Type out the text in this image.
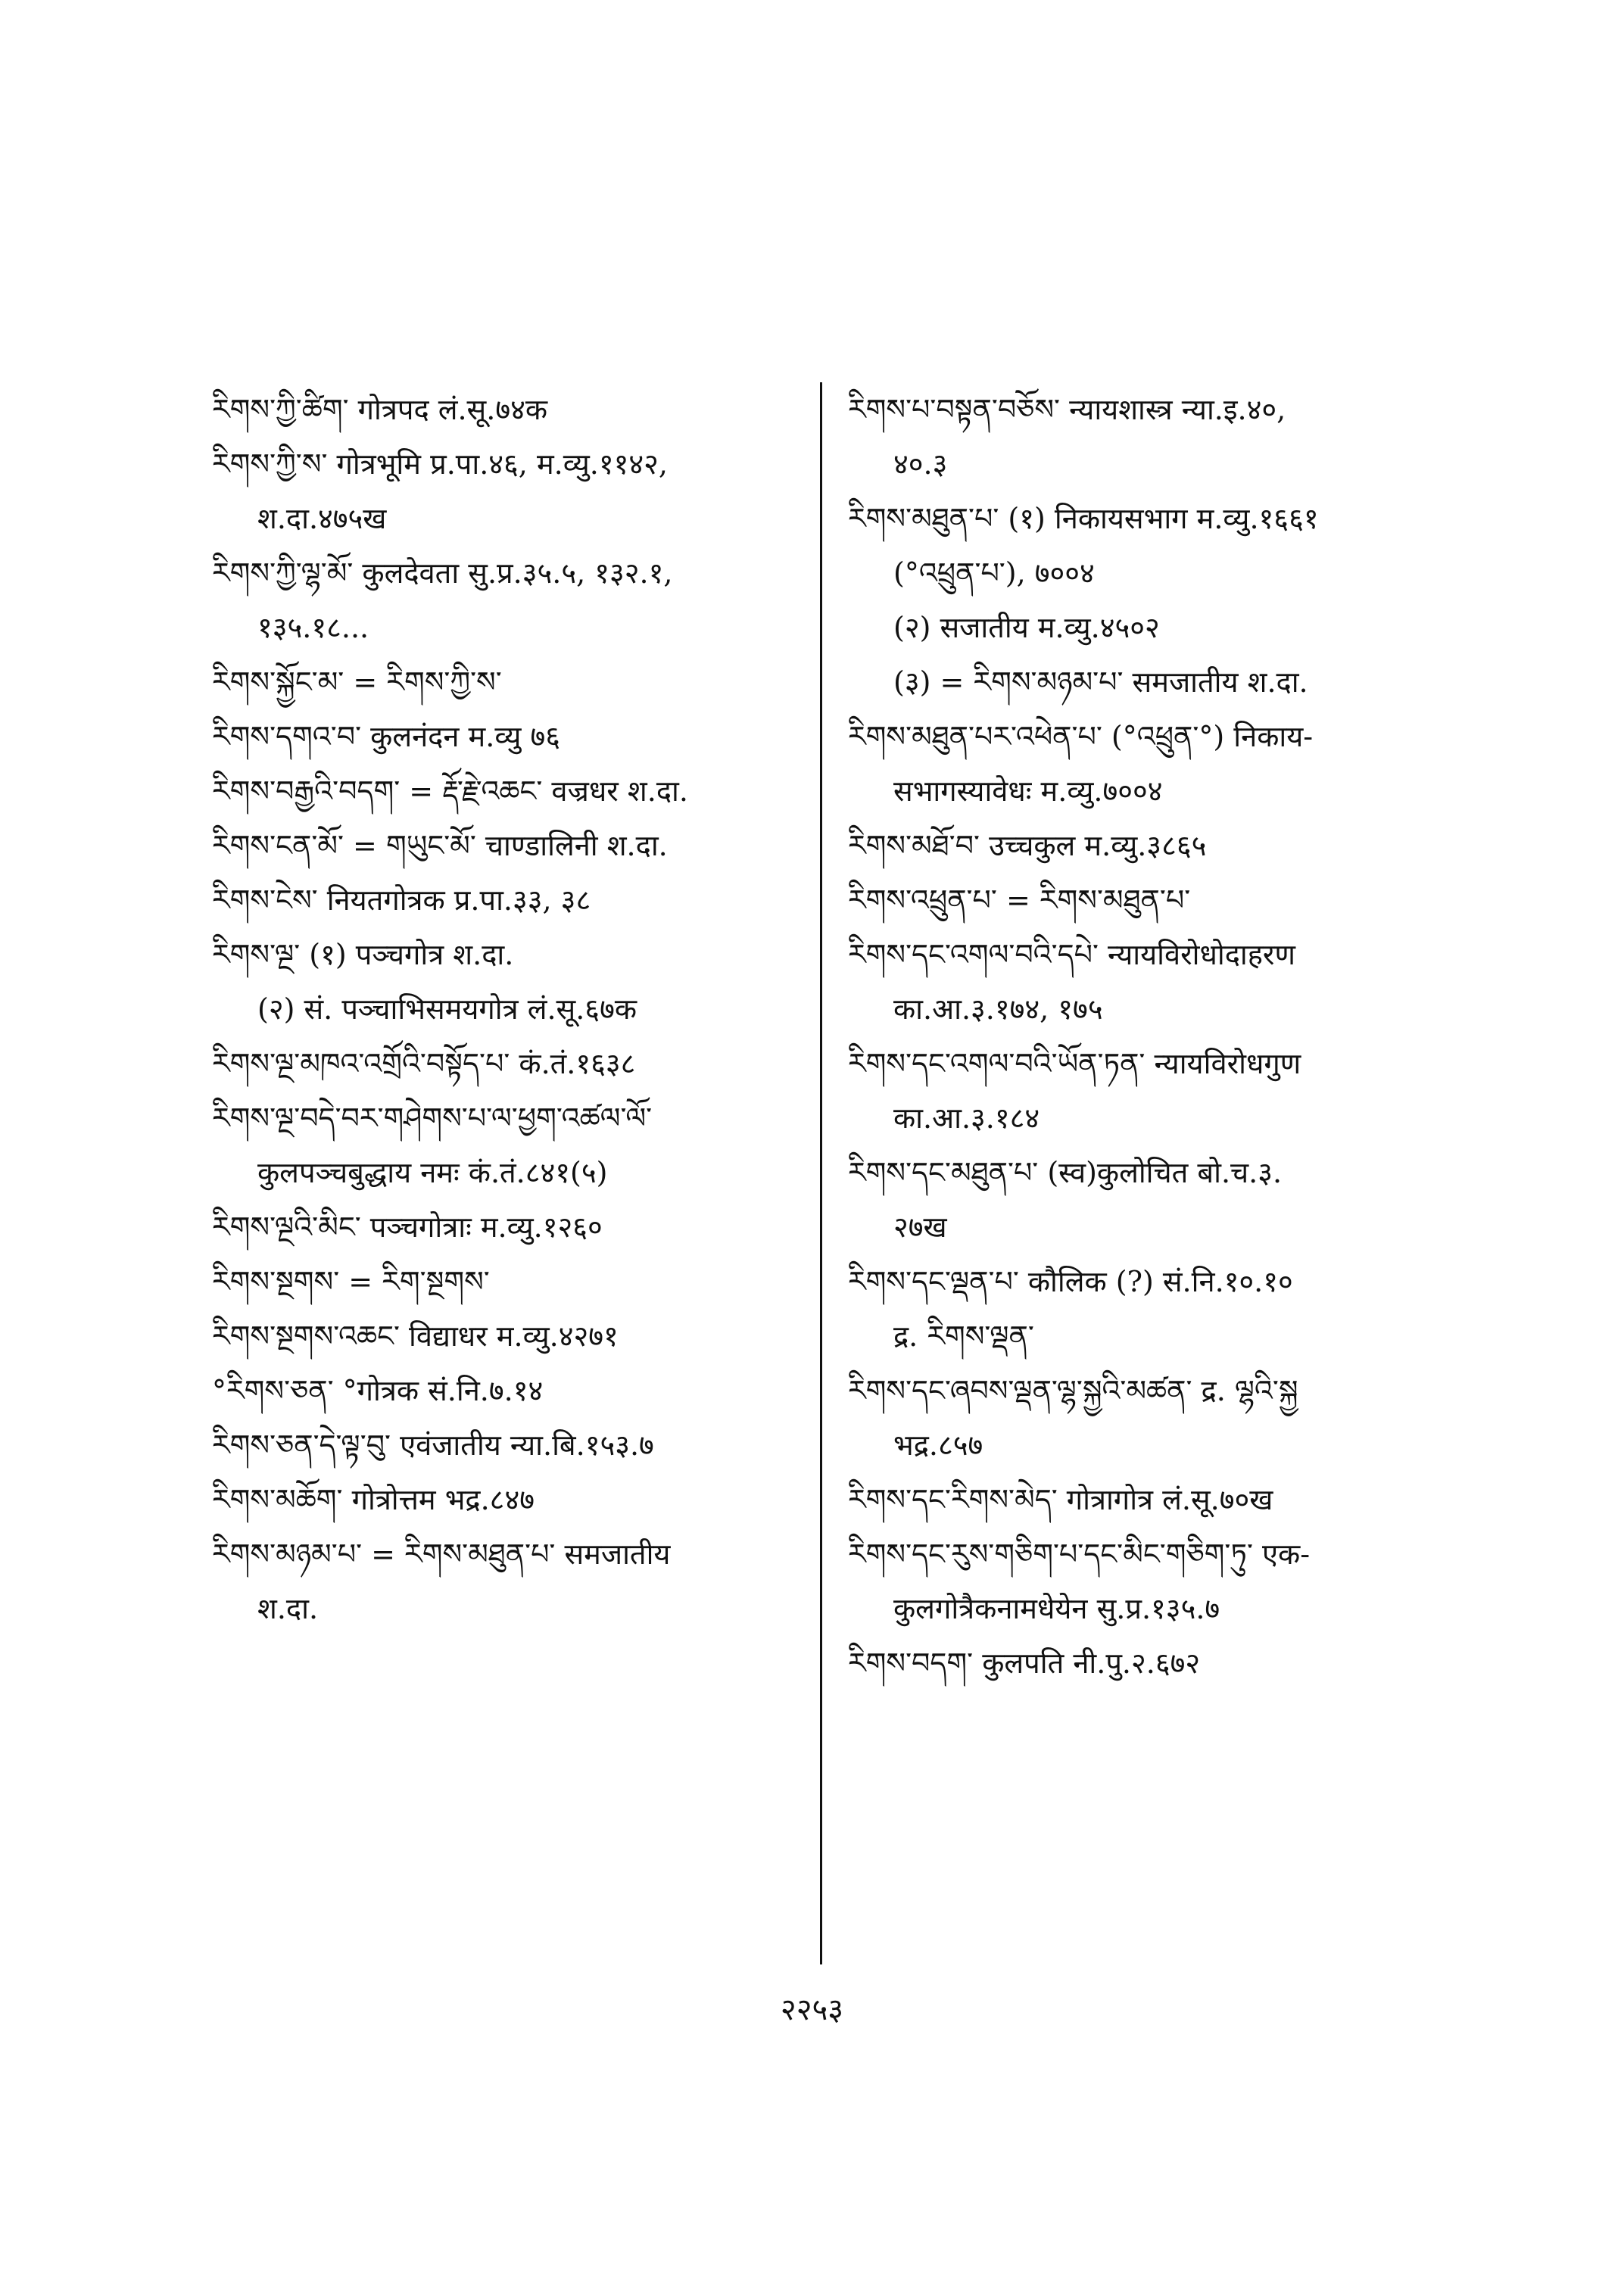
ཪིགས་ཀྱི་ཚིག་ गोत्रपद लं.सू.७४क
ཪིགས་ཀྱི་ས་ गोत्रभूमि प्र.पा.४६, म.व्यु.११४२,
श.दा.४७५ख
ཪིགས་ཀྱི་ལྷ་མོ་ कुलदेवता सु.प्र.३५.५, १३२.१,
१३५.१८...
ཪིགས་སྐྱོང་མ་ = ཪིགས་ཀྱི་ས་
ཪིགས་དགའ་བ་ कुलनंदन म.व्यु ७६
ཪིགས་བརྒྱའི་བདག་ = རྡོ་རྗེ་འཆང་ वज्रधर श.दा.
ཪིགས་ངན་མོ་ = གཡུང་མོ་ चाण्डालिनी श.दा.
ཪིགས་ངེས་ नियतगोत्रक प्र.पा.३३, ३८
ཪིགས་ལྔ་ (१) पञ्चगोत्र श.दा.
(२) सं. पञ्चाभिसमयगोत्र लं.सू.६७क
ཪིགས་ལྔ་མཁའ་འགྲོའི་བསྟོད་པ་ कं.तं.१६३८
ཪིགས་ལྔ་བདེ་བར་གཤེགས་པ་ལ་ཕྱག་འཚལ་ལོ་
कुलपञ्चबुद्धाय नमः कं.तं.८४१(५)
ཪིགས་ལྔའི་མིང་ पञ्चगोत्राः म.व्यु.१२६०
ཪིགས་སྔགས་ = རིག་སྔགས་
ཪིགས་སྔགས་འཆང་ विद्याधर म.व्यु.४२७१
°ཪིགས་ཅན་ °गोत्रक सं.नि.७.१४
ཪིགས་ཅན་དེ་ལྟ་བུ་ एवंजातीय न्या.बि.१५३.७
ཪིགས་མཆོག་ गोत्रोत्तम भद्र.८४७
ཪིགས་མཉམ་པ་ = ཪིགས་མཐུན་པ་ समजातीय
श.दा.
ཪིགས་པ་བསྟན་བཅོས་ न्यायशास्त्र न्या.इ.४०,
४०.३
ཪིགས་མཐུན་པ་ (१) निकायसभाग म.व्यु.१६६१
(°འཕྲུན་པ་), ७००४
(२) सजातीय म.व्यु.४५०२
(३) = ཪིགས་མཉམ་པ་ समजातीय श.दा.
ཪིགས་མཐུན་པར་འཕེན་པ་ (°འཕྲུན་°) निकाय-
सभागस्यावेधः म.व्यु.७००४
ཪིགས་མཐོ་བ་ उच्चकुल म.व्यु.३८६५
ཪིགས་འཕྲུན་པ་ = ཪིགས་མཐུན་པ་
ཪིགས་དང་འགལ་བའི་དཔེ་ न्यायविरोधोदाहरण
का.आ.३.१७४, १७५
ཪིགས་དང་འགལ་བའི་ཡོན་ཏན་ न्यायविरोधगुण
का.आ.३.१८४
ཪིགས་དང་མཐུན་པ་ (स्व)कुलोचित बो.च.३.
२७ख
ཪིགས་དང་ལྡན་པ་ कौलिक (?) सं.नि.१०.१०
द्र. ཪིགས་ལྡན་
ཪིགས་དང་ཞབས་ལྡན་ལྷ་སྐྱའི་མཚན་ द्र. ལྷའི་སྐྱ
भद्र.८५७
ཪིགས་དང་ཪིགས་མེད་ गोत्रागोत्र लं.सू.७०ख
ཪིགས་དང་རུས་གཅིག་པ་དང་མིང་གཅིག་ཏུ་ एक-
कुलगोत्रैकनामधेयेन सु.प्र.१३५.७
ཪིགས་བདག་ कुलपति नी.पु.२.६७२
२२५३
